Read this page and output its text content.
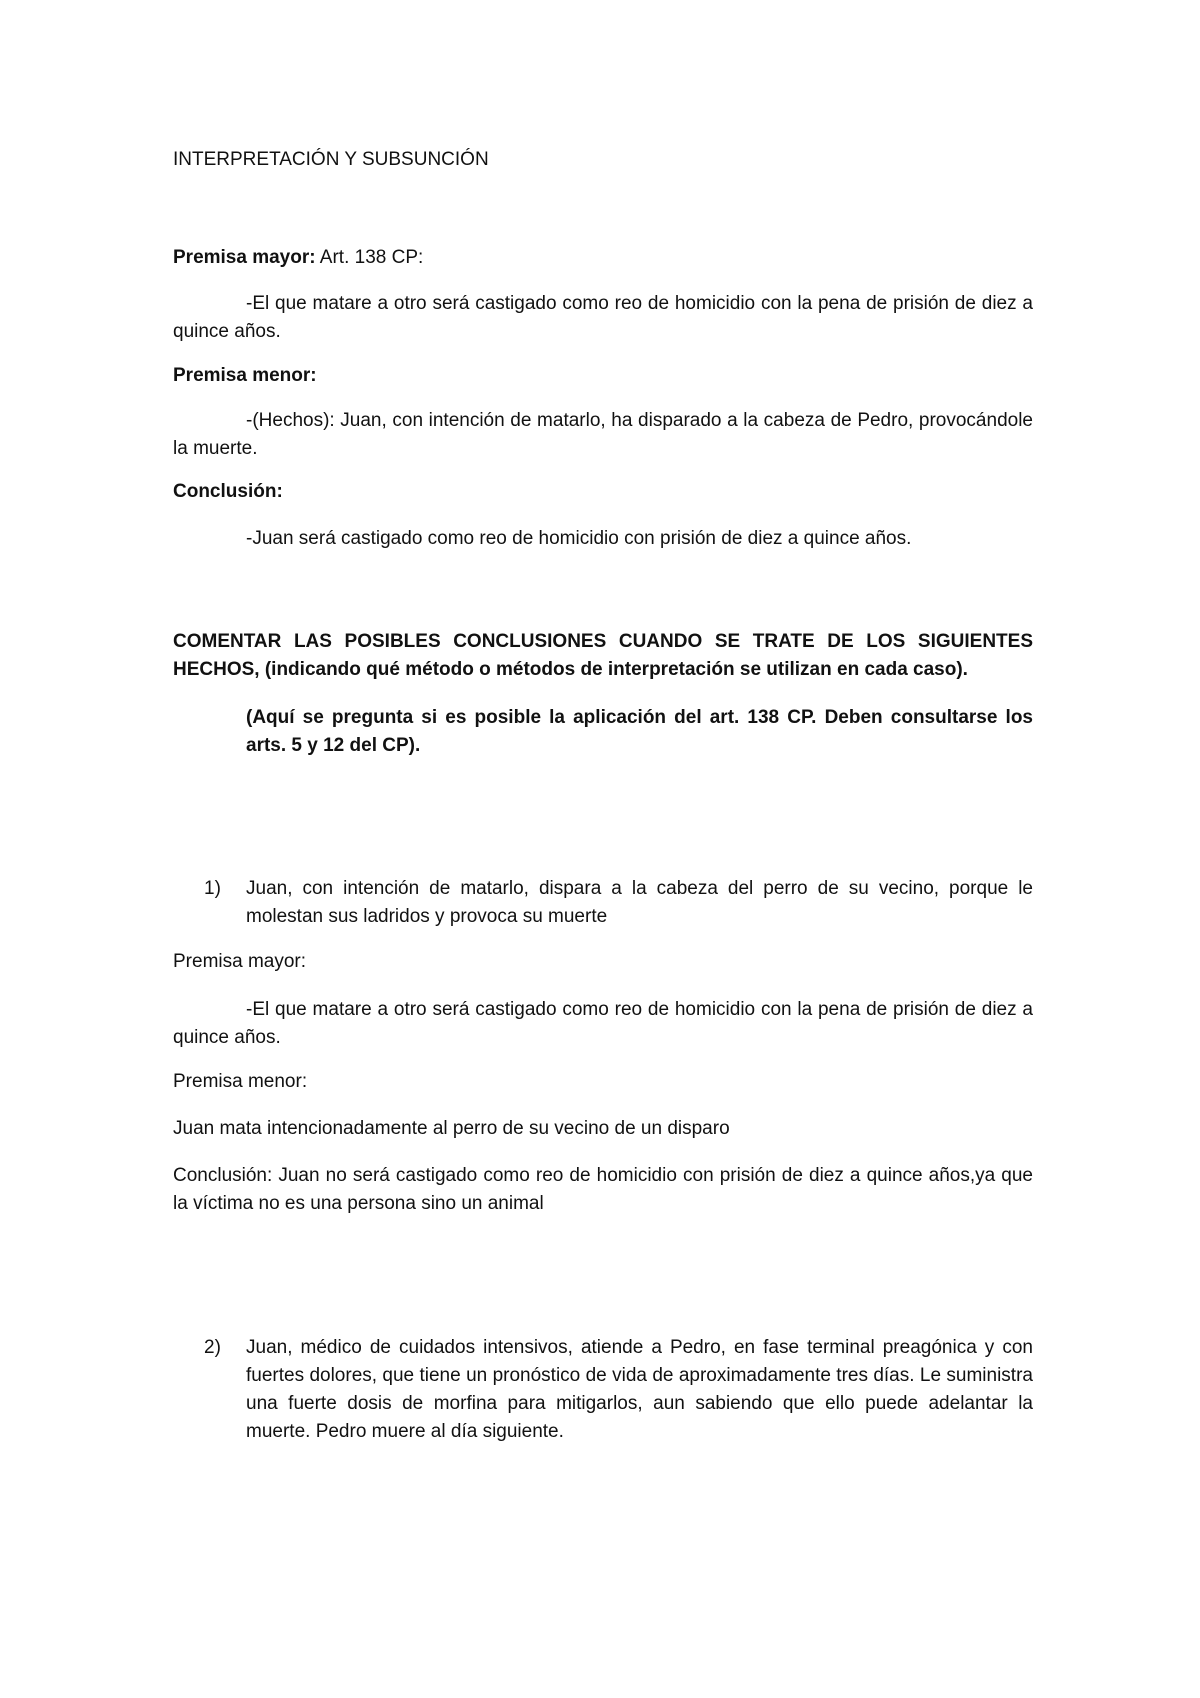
INTERPRETACIÓN Y SUBSUNCIÓN

Premisa mayor: Art. 138 CP:

-El que matare a otro será castigado como reo de homicidio con la pena de prisión de diez a quince años.

Premisa menor:

-(Hechos): Juan, con intención de matarlo, ha disparado a la cabeza de Pedro, provocándole la muerte.

Conclusión:

-Juan será castigado como reo de homicidio con prisión de diez a quince años.

COMENTAR LAS POSIBLES CONCLUSIONES CUANDO SE TRATE DE LOS SIGUIENTES HECHOS, (indicando qué método o métodos de interpretación se utilizan en cada caso).

(Aquí se pregunta si es posible la aplicación del art. 138 CP. Deben consultarse los arts. 5 y 12 del CP).

1) Juan, con intención de matarlo, dispara a la cabeza del perro de su vecino, porque le molestan sus ladridos y provoca su muerte

Premisa mayor:

-El que matare a otro será castigado como reo de homicidio con la pena de prisión de diez a quince años.

Premisa menor:

Juan mata intencionadamente al perro de su vecino de un disparo

Conclusión: Juan no será castigado como reo de homicidio con prisión de diez a quince años,ya que la víctima no es una persona sino un animal

2) Juan, médico de cuidados intensivos, atiende a Pedro, en fase terminal preagónica y con fuertes dolores, que tiene un pronóstico de vida de aproximadamente tres días. Le suministra una fuerte dosis de morfina para mitigarlos, aun sabiendo que ello puede adelantar la muerte. Pedro muere al día siguiente.
